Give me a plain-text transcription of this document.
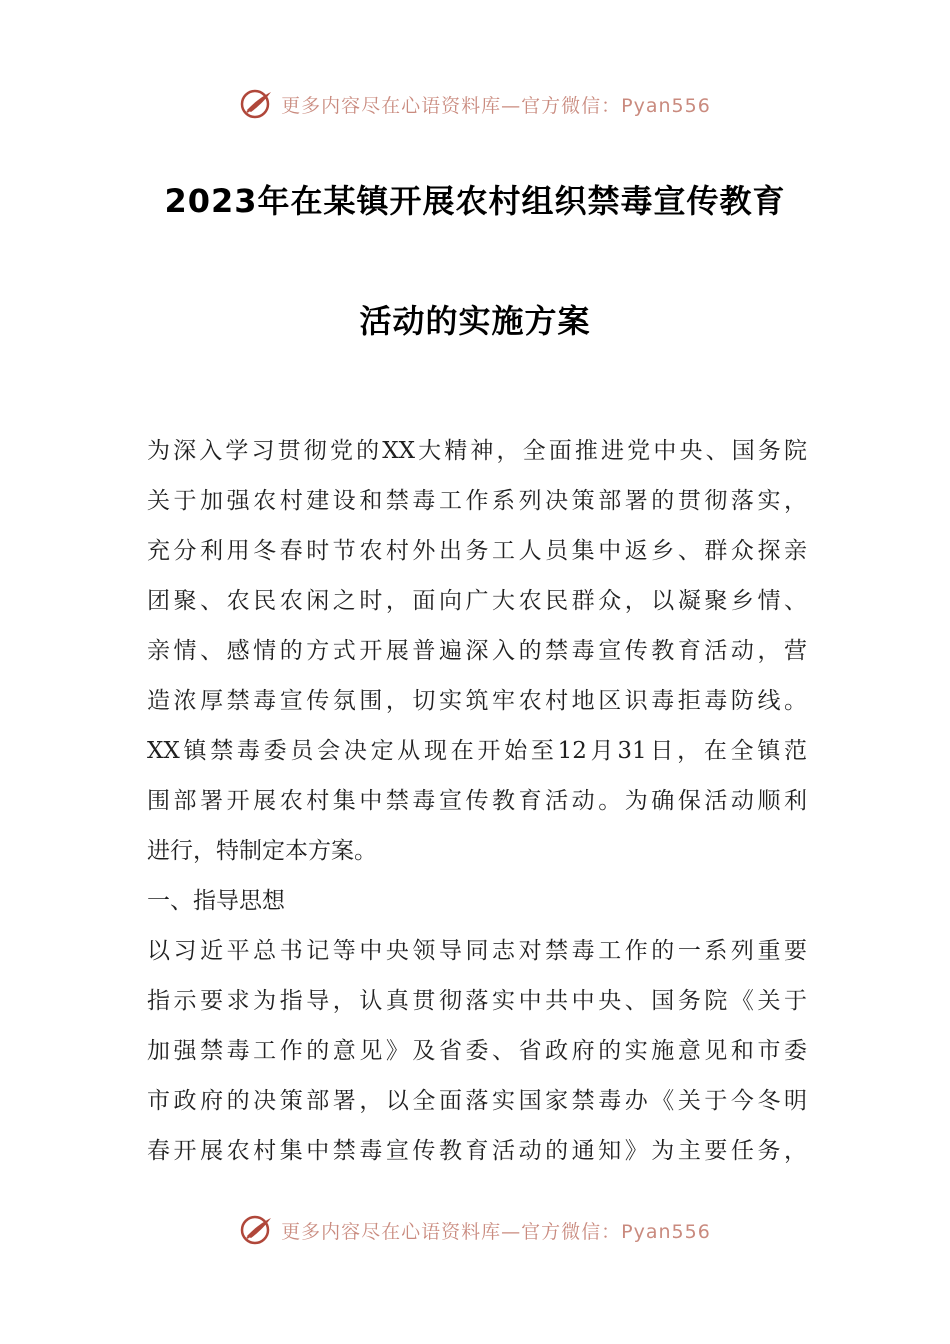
更多内容尽在心语资料库—官方微信：Pyan556
2023年在某镇开展农村组织禁毒宣传教育
活动的实施方案
为深入学习贯彻党的XX大精神，全面推进党中央、国务院
关于加强农村建设和禁毒工作系列决策部署的贯彻落实，
充分利用冬春时节农村外出务工人员集中返乡、群众探亲
团聚、农民农闲之时，面向广大农民群众，以凝聚乡情、
亲情、感情的方式开展普遍深入的禁毒宣传教育活动，营
造浓厚禁毒宣传氛围，切实筑牢农村地区识毒拒毒防线。
XX镇禁毒委员会决定从现在开始至12月31日，在全镇范
围部署开展农村集中禁毒宣传教育活动。为确保活动顺利
进行，特制定本方案。
一、指导思想
以习近平总书记等中央领导同志对禁毒工作的一系列重要
指示要求为指导，认真贯彻落实中共中央、国务院《关于
加强禁毒工作的意见》及省委、省政府的实施意见和市委
市政府的决策部署，以全面落实国家禁毒办《关于今冬明
春开展农村集中禁毒宣传教育活动的通知》为主要任务，
更多内容尽在心语资料库—官方微信：Pyan556
